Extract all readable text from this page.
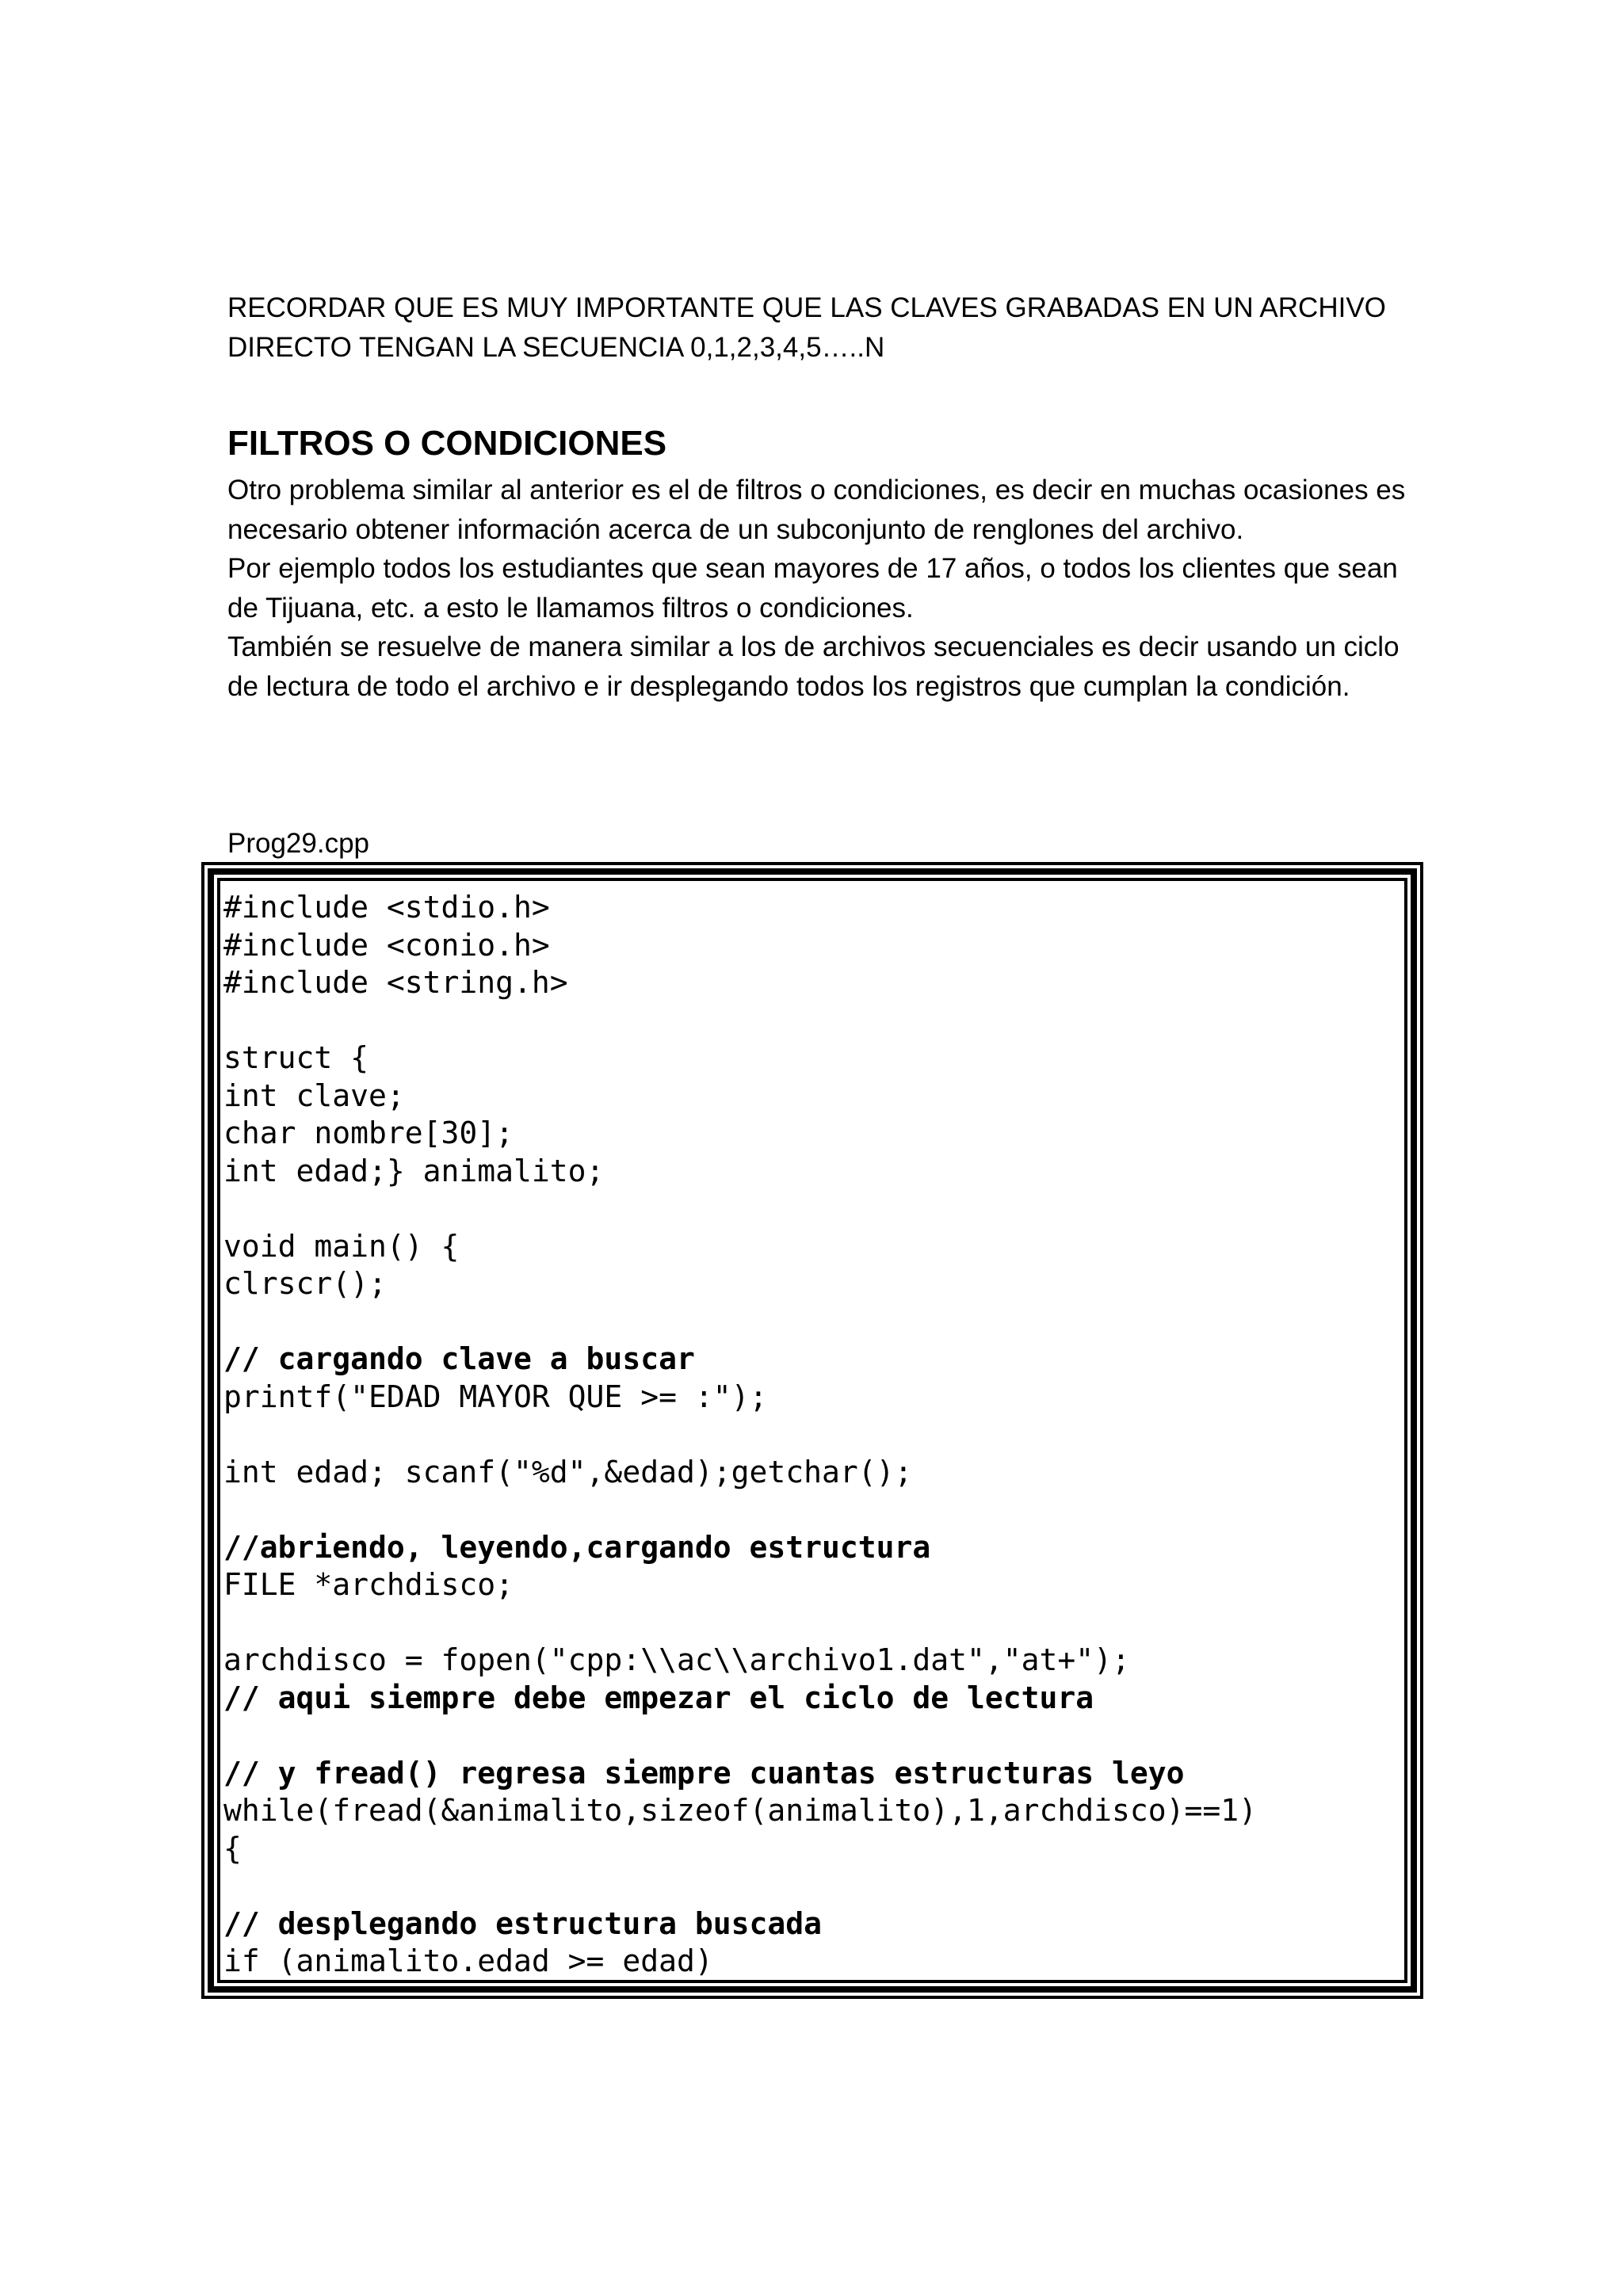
RECORDAR QUE ES MUY IMPORTANTE QUE LAS CLAVES GRABADAS EN UN ARCHIVO
DIRECTO TENGAN LA SECUENCIA 0,1,2,3,4,5…..N
FILTROS O CONDICIONES

Otro problema similar al anterior es el de filtros o condiciones, es decir en muchas ocasiones es necesario obtener información acerca de un subconjunto de renglones del archivo.

Por ejemplo todos los estudiantes que sean mayores de 17 años, o todos los clientes que sean de Tijuana, etc. a esto le llamamos filtros o condiciones.

También se resuelve de manera similar a los de archivos secuenciales es decir usando un ciclo de lectura de todo el archivo e ir desplegando todos los registros que cumplan la condición.

Prog29.cpp
#include <stdio.h>
#include <conio.h>
#include <string.h>
struct {
int clave;
char nombre[30];
int edad;} animalito;
void main() {
clrscr();
// cargando clave a buscar
printf("EDAD MAYOR QUE >= :");
int edad; scanf("%d",&edad);getchar();
//abriendo, leyendo,cargando estructura
FILE *archdisco;
archdisco = fopen("cpp:\\ac\\archivo1.dat","at+");
// aqui siempre debe empezar el ciclo de lectura
// y fread() regresa siempre cuantas estructuras leyo
while(fread(&animalito,sizeof(animalito),1,archdisco)==1)
{
// desplegando estructura buscada
if (animalito.edad >= edad)
